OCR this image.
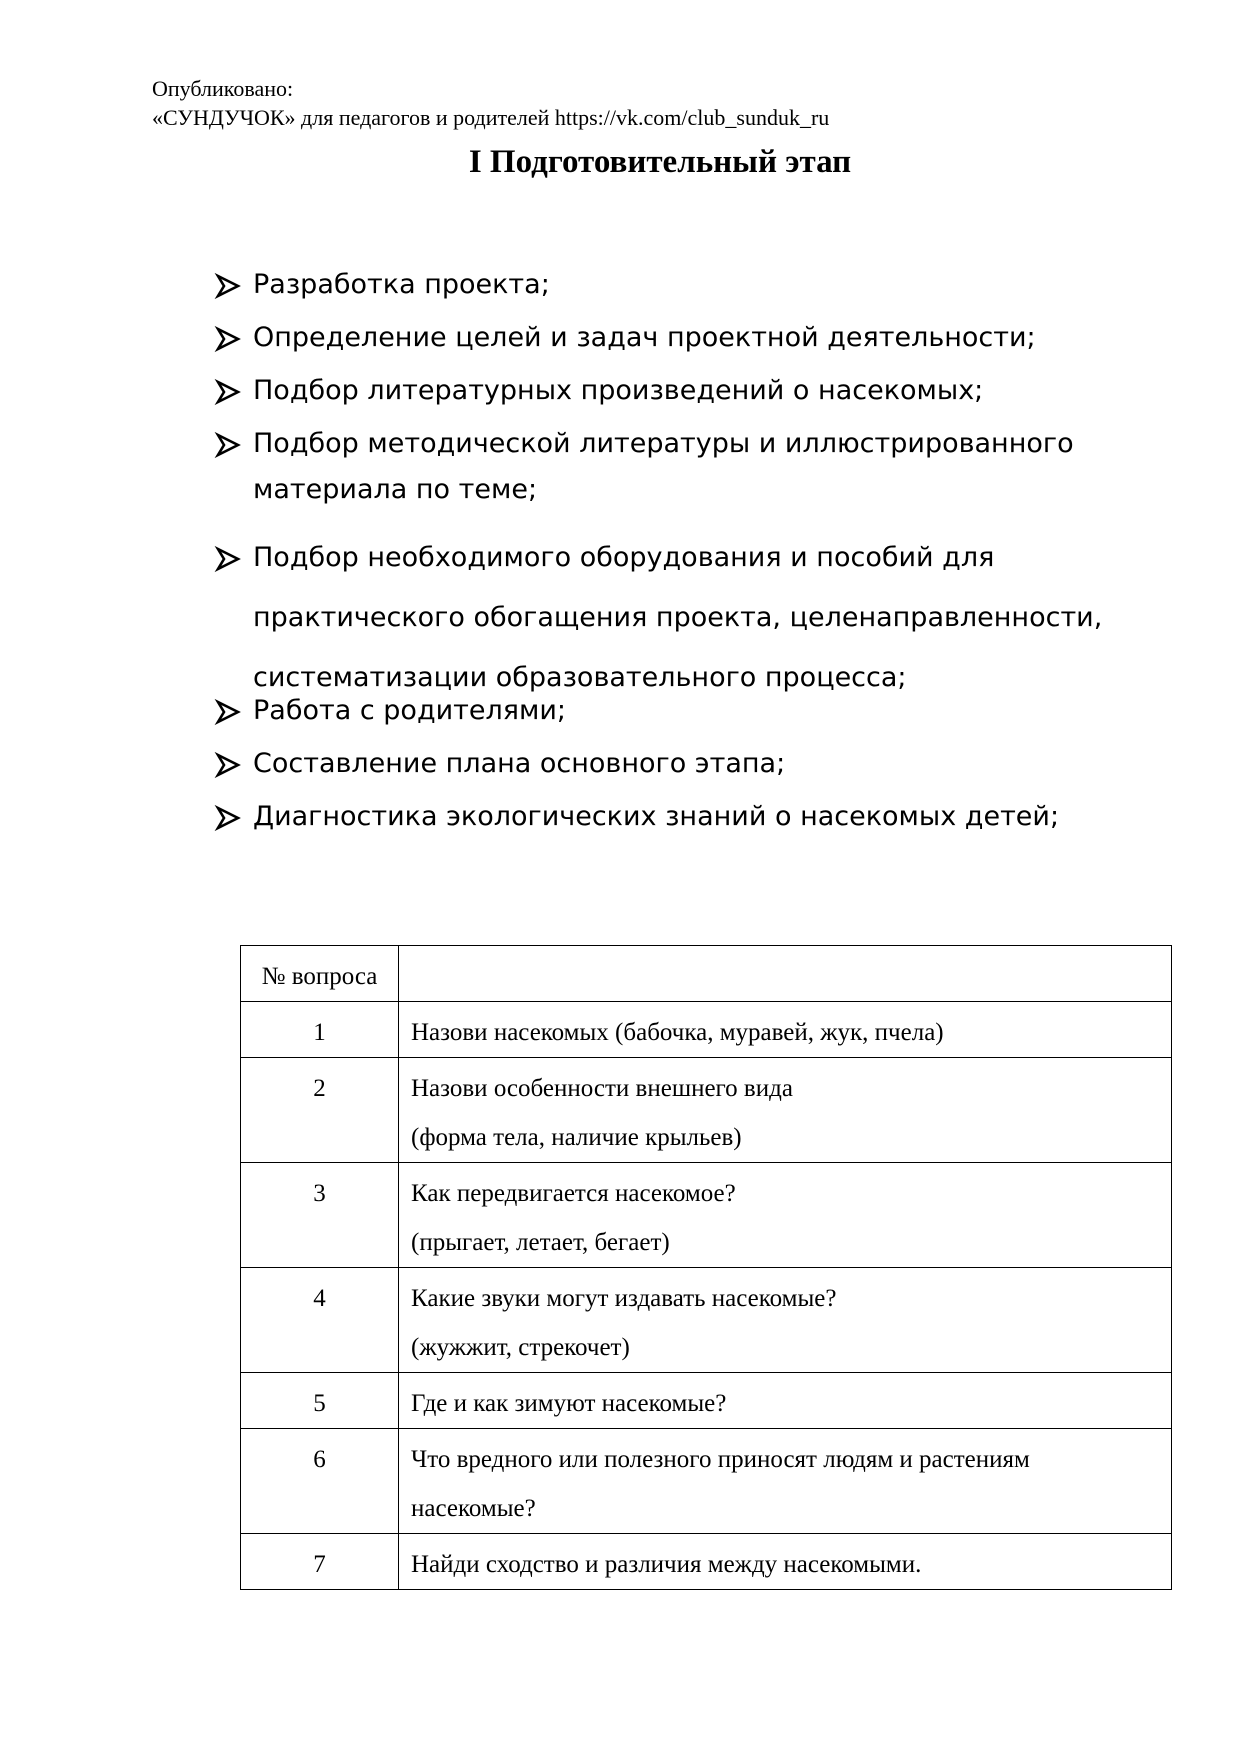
Опубликовано:
«СУНДУЧОК» для педагогов и родителей https://vk.com/club_sunduk_ru
I Подготовительный этап
Разработка проекта;
Определение целей и задач проектной деятельности;
Подбор литературных произведений о насекомых;
Подбор методической литературы и иллюстрированного
материала по теме;
Подбор необходимого оборудования и пособий для
практического обогащения проекта, целенаправленности,
систематизации образовательного процесса;
Работа с родителями;
Составление плана основного этапа;
Диагностика экологических знаний о насекомых детей;
№ вопроса	

1	Назови насекомых (бабочка, муравей, жук, пчела)

2	Назови особенности внешнего вида
(форма тела, наличие крыльев)

3	Как передвигается насекомое?
(прыгает, летает, бегает)

4	Какие звуки могут издавать насекомые?
(жужжит, стрекочет)

5	Где и как зимуют насекомые?

6	Что вредного или полезного приносят людям и растениям
насекомые?

7	Найди сходство и различия между насекомыми.
